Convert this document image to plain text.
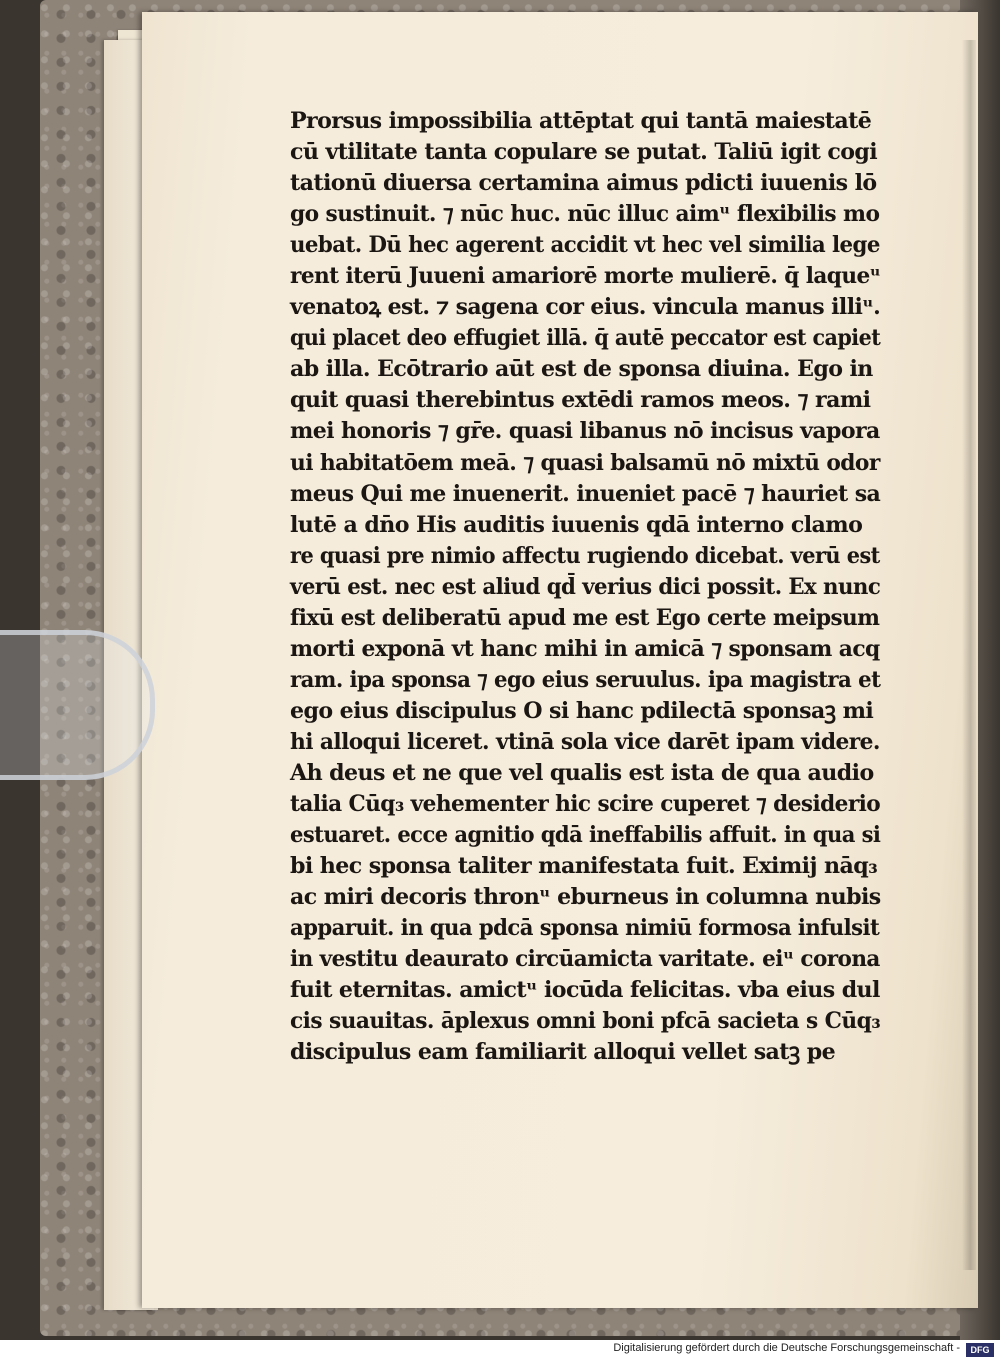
Prorsus impossibilia attēptat qui tantā maiestatē
cū vtilitate tanta copulare se putat. Taliū igit cogi
tationū diuersa certamina aimus pdicti iuuenis lō
go sustinuit. ⁊ nūc huc. nūc illuc aimᵘ flexibilis mo
uebat. Dū hec agerent accidit vt hec vel similia lege
rent iterū Juueni amariorē morte mulierē. q̄ laqueᵘ
venatoꝝ est. ⁊ sagena cor eius. vincula manus illiᵘ.
qui placet deo effugiet illā. q̄ autē peccator est capiet
ab illa. Ecōtrario aūt est de sponsa diuina. Ego in
quit quasi therebintus extēdi ramos meos. ⁊ rami
mei honoris ⁊ gr̄e. quasi libanus nō incisus vapora
ui habitatōem meā. ⁊ quasi balsamū nō mixtū odor
meus Qui me inuenerit. inueniet pacē ⁊ hauriet sa
lutē a dn̄o His auditis iuuenis qdā interno clamo
re quasi pre nimio affectu rugiendo dicebat. verū est
verū est. nec est aliud qd̄ verius dici possit. Ex nunc
fixū est deliberatū apud me est Ego certe meipsum
morti exponā vt hanc mihi in amicā ⁊ sponsam acq
ram. ipa sponsa ⁊ ego eius seruulus. ipa magistra et
ego eius discipulus O si hanc pdilectā sponsaꝫ mi
hi alloqui liceret. vtinā sola vice darēt ipam videre.
Ah deus et ne que vel qualis est ista de qua audio
talia Cūq₃ vehementer hic scire cuperet ⁊ desiderio
estuaret. ecce agnitio qdā ineffabilis affuit. in qua si
bi hec sponsa taliter manifestata fuit. Eximij nāq₃
ac miri decoris thronᵘ eburneus in columna nubis
apparuit. in qua pdcā sponsa nimiū formosa infulsit
in vestitu deaurato circūamicta varitate. eiᵘ corona
fuit eternitas. amictᵘ iocūda felicitas. vba eius dul
cis suauitas. āplexus omni boni pfcā sacieta s Cūq₃
discipulus eam familiarit alloqui vellet satꝫ pe
Digitalisierung gefördert durch die Deutsche Forschungsgemeinschaft -	DFG
